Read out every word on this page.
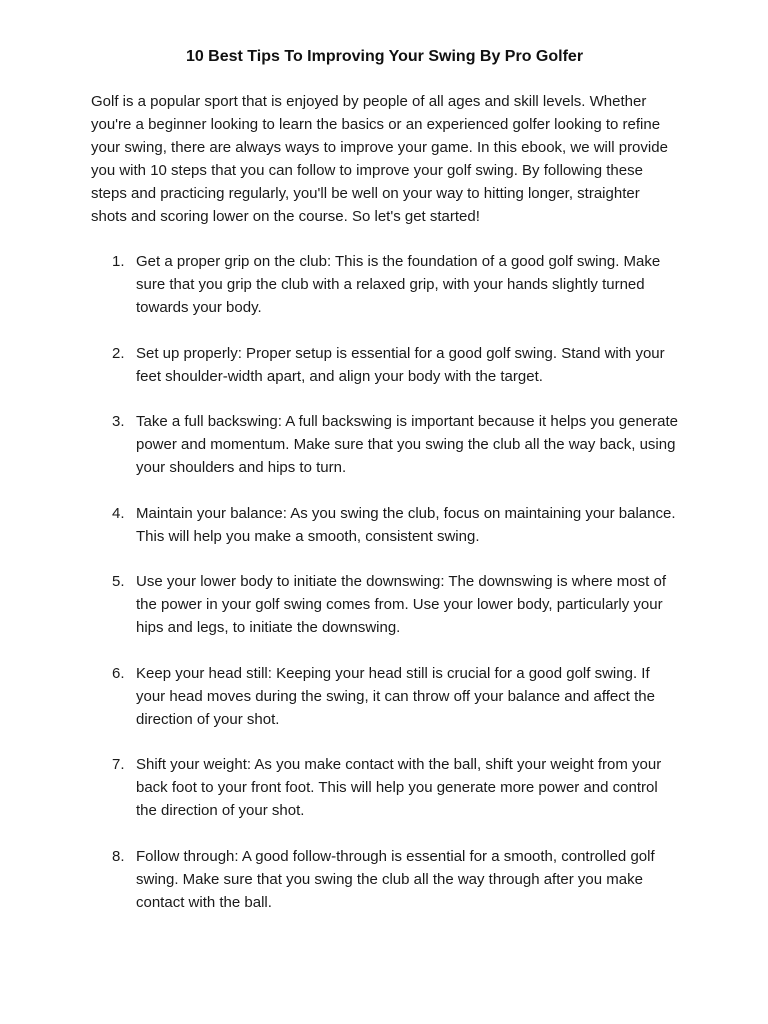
10 Best Tips To Improving Your Swing By Pro Golfer

Golf is a popular sport that is enjoyed by people of all ages and skill levels. Whether you're a beginner looking to learn the basics or an experienced golfer looking to refine your swing, there are always ways to improve your game. In this ebook, we will provide you with 10 steps that you can follow to improve your golf swing. By following these steps and practicing regularly, you'll be well on your way to hitting longer, straighter shots and scoring lower on the course. So let's get started!

1. Get a proper grip on the club: This is the foundation of a good golf swing. Make sure that you grip the club with a relaxed grip, with your hands slightly turned towards your body.
2. Set up properly: Proper setup is essential for a good golf swing. Stand with your feet shoulder-width apart, and align your body with the target.
3. Take a full backswing: A full backswing is important because it helps you generate power and momentum. Make sure that you swing the club all the way back, using your shoulders and hips to turn.
4. Maintain your balance: As you swing the club, focus on maintaining your balance. This will help you make a smooth, consistent swing.
5. Use your lower body to initiate the downswing: The downswing is where most of the power in your golf swing comes from. Use your lower body, particularly your hips and legs, to initiate the downswing.
6. Keep your head still: Keeping your head still is crucial for a good golf swing. If your head moves during the swing, it can throw off your balance and affect the direction of your shot.
7. Shift your weight: As you make contact with the ball, shift your weight from your back foot to your front foot. This will help you generate more power and control the direction of your shot.
8. Follow through: A good follow-through is essential for a smooth, controlled golf swing. Make sure that you swing the club all the way through after you make contact with the ball.
